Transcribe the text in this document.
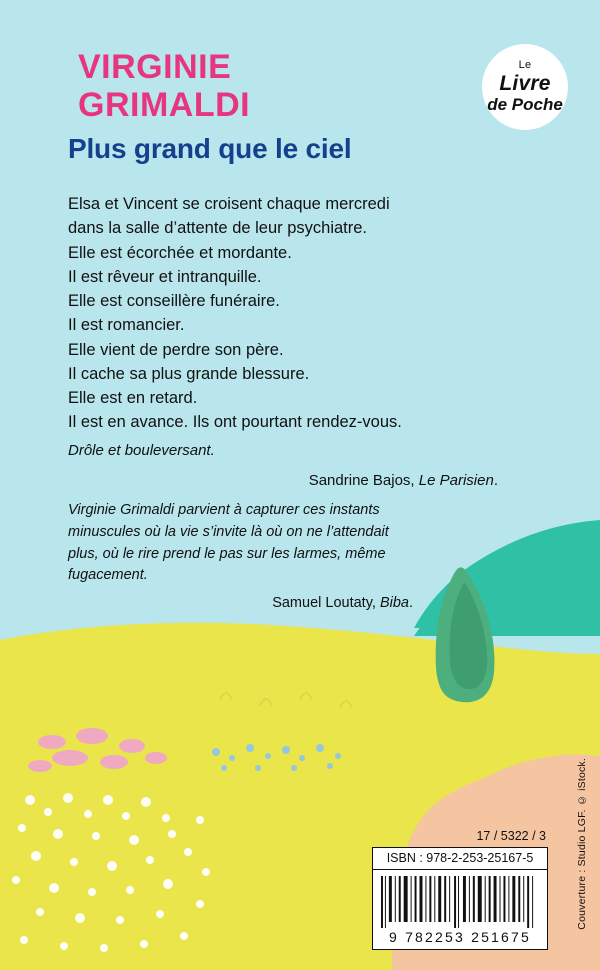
Le
Livre
de Poche
VIRGINIE
GRIMALDI
Plus grand que le ciel
Elsa et Vincent se croisent chaque mercredi
dans la salle d’attente de leur psychiatre.
Elle est écorchée et mordante.
Il est rêveur et intranquille.
Elle est conseillère funéraire.
Il est romancier.
Elle vient de perdre son père.
Il cache sa plus grande blessure.
Elle est en retard.
Il est en avance. Ils ont pourtant rendez-vous.
Drôle et bouleversant.
Sandrine Bajos, Le Parisien.
Virginie Grimaldi parvient à capturer ces instants minuscules où la vie s’invite là où on ne l’attendait plus, où le rire prend le pas sur les larmes, même fugacement.
Samuel Loutaty, Biba.
17 / 5322 / 3
ISBN : 978-2-253-25167-5
9 782253 251675
Couverture : Studio LGF. © iStock.
